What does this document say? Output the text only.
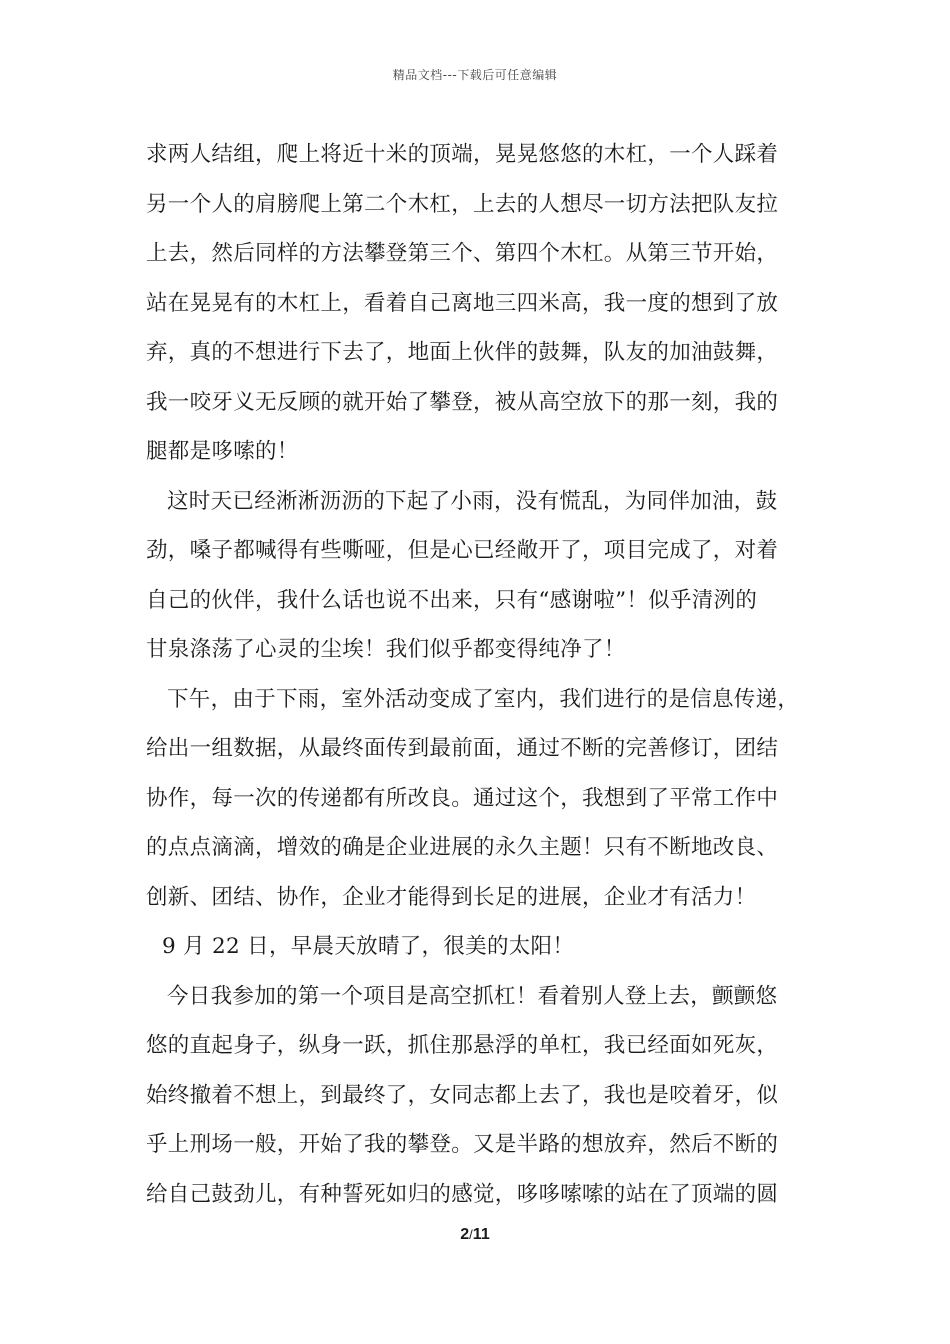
精品文档---下载后可任意编辑
求两人结组，爬上将近十米的顶端，晃晃悠悠的木杠，一个人踩着
另一个人的肩膀爬上第二个木杠，上去的人想尽一切方法把队友拉
上去，然后同样的方法攀登第三个、第四个木杠。从第三节开始，
站在晃晃有的木杠上，看着自己离地三四米高，我一度的想到了放
弃，真的不想进行下去了，地面上伙伴的鼓舞，队友的加油鼓舞，
我一咬牙义无反顾的就开始了攀登，被从高空放下的那一刻，我的
腿都是哆嗦的！
这时天已经淅淅沥沥的下起了小雨，没有慌乱，为同伴加油，鼓
劲，嗓子都喊得有些嘶哑，但是心已经敞开了，项目完成了，对着
自己的伙伴，我什么话也说不出来，只有“感谢啦”！似乎清洌的
甘泉涤荡了心灵的尘埃！我们似乎都变得纯净了！
下午，由于下雨，室外活动变成了室内，我们进行的是信息传递，
给出一组数据，从最终面传到最前面，通过不断的完善修订，团结
协作，每一次的传递都有所改良。通过这个，我想到了平常工作中
的点点滴滴，增效的确是企业进展的永久主题！只有不断地改良、
创新、团结、协作，企业才能得到长足的进展，企业才有活力！
9 月 22 日，早晨天放晴了，很美的太阳！
今日我参加的第一个项目是高空抓杠！看着别人登上去，颤颤悠
悠的直起身子，纵身一跃，抓住那悬浮的单杠，我已经面如死灰，
始终撤着不想上，到最终了，女同志都上去了，我也是咬着牙，似
乎上刑场一般，开始了我的攀登。又是半路的想放弃，然后不断的
给自己鼓劲儿，有种誓死如归的感觉，哆哆嗦嗦的站在了顶端的圆
2/11
